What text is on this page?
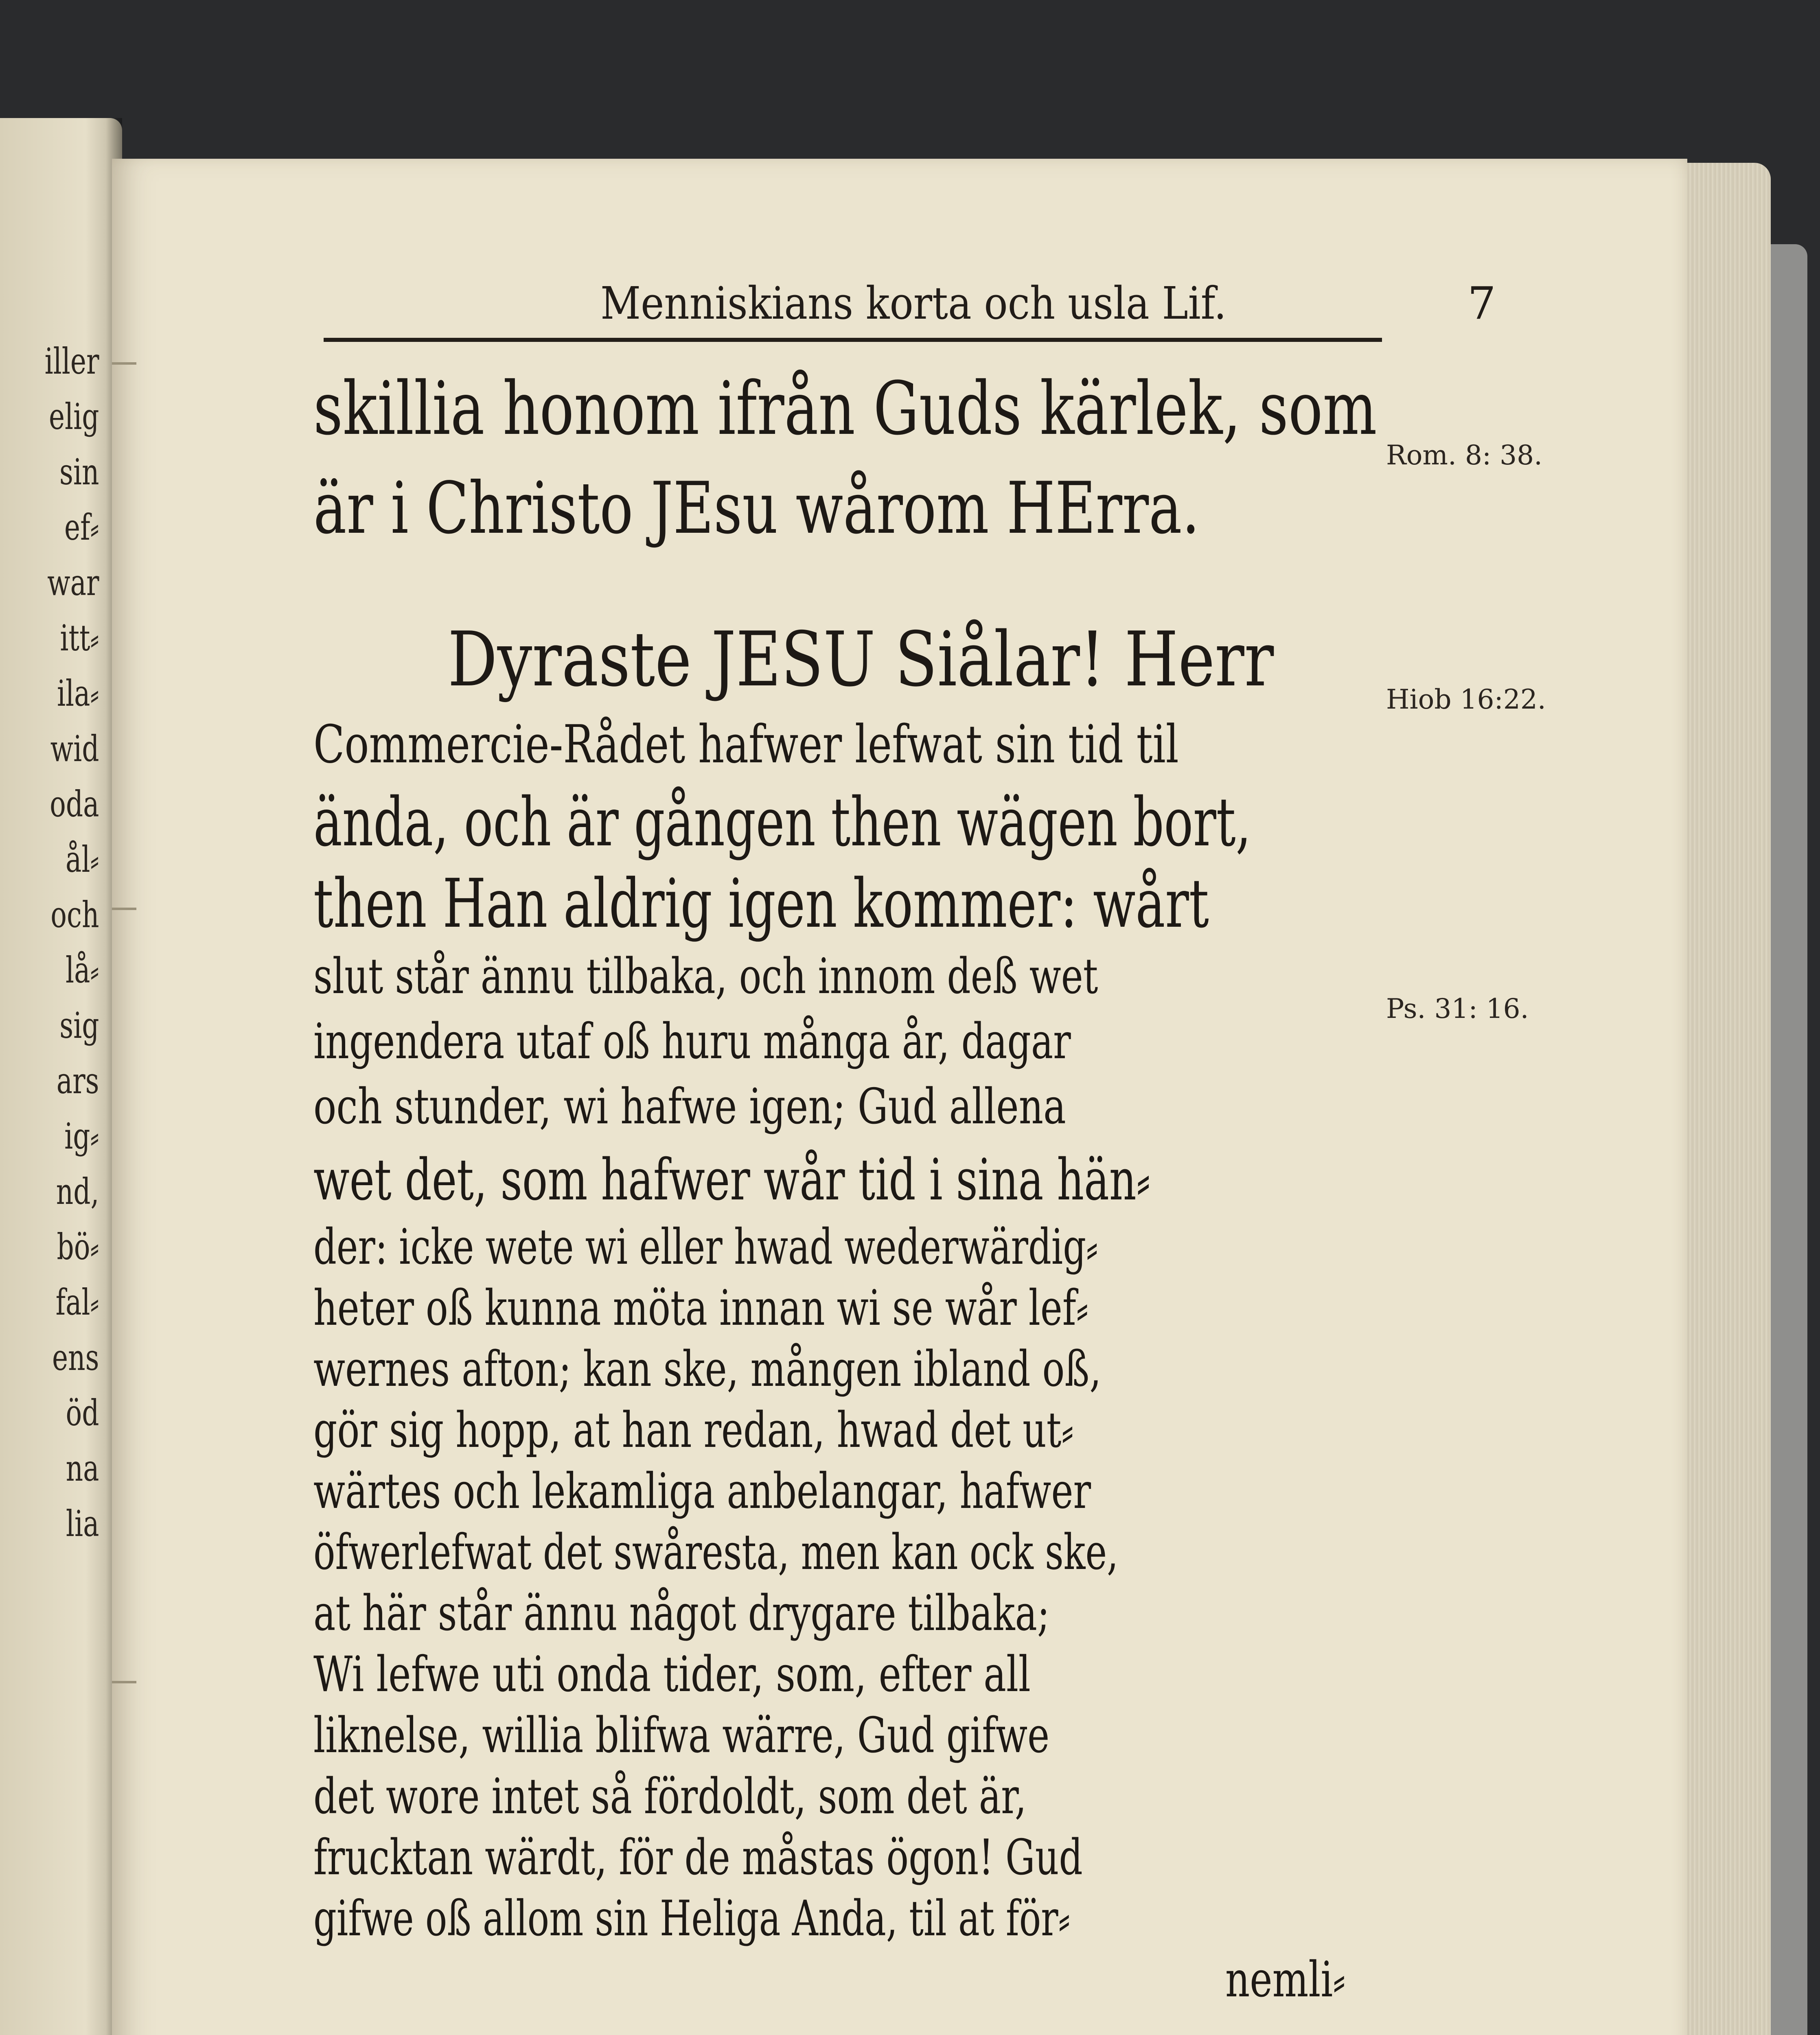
iller
elig
sin
ef⸗
war
itt⸗
ila⸗
wid
oda
ål⸗
och
lå⸗
sig
ars
ig⸗
nd,
bö⸗
fal⸗
ens
öd
na
lia
Menniskians korta och usla Lif.	7
skillia honom ifrån Guds kärlek, som
är i Christo JEsu wårom HErra.
Dyraste JESU Siålar! Herr
Commercie-Rådet hafwer lefwat sin tid til
ända, och är gången then wägen bort,
then Han aldrig igen kommer: wårt
slut står ännu tilbaka, och innom deß wet
ingendera utaf oß huru många år, dagar
och stunder, wi hafwe igen; Gud allena
wet det, som hafwer wår tid i sina hän⸗
der: icke wete wi eller hwad wederwärdig⸗
heter oß kunna möta innan wi se wår lef⸗
wernes afton; kan ske, mången ibland oß,
gör sig hopp, at han redan, hwad det ut⸗
wärtes och lekamliga anbelangar, hafwer
öfwerlefwat det swåresta, men kan ock ske,
at här står ännu något drygare tilbaka;
Wi lefwe uti onda tider, som, efter all
liknelse, willia blifwa wärre, Gud gifwe
det wore intet så fördoldt, som det är,
frucktan wärdt, för de måstas ögon! Gud
gifwe oß allom sin Heliga Anda, til at för⸗
nemli⸗
Rom. 8: 38.
Hiob 16:22.
Ps. 31: 16.
